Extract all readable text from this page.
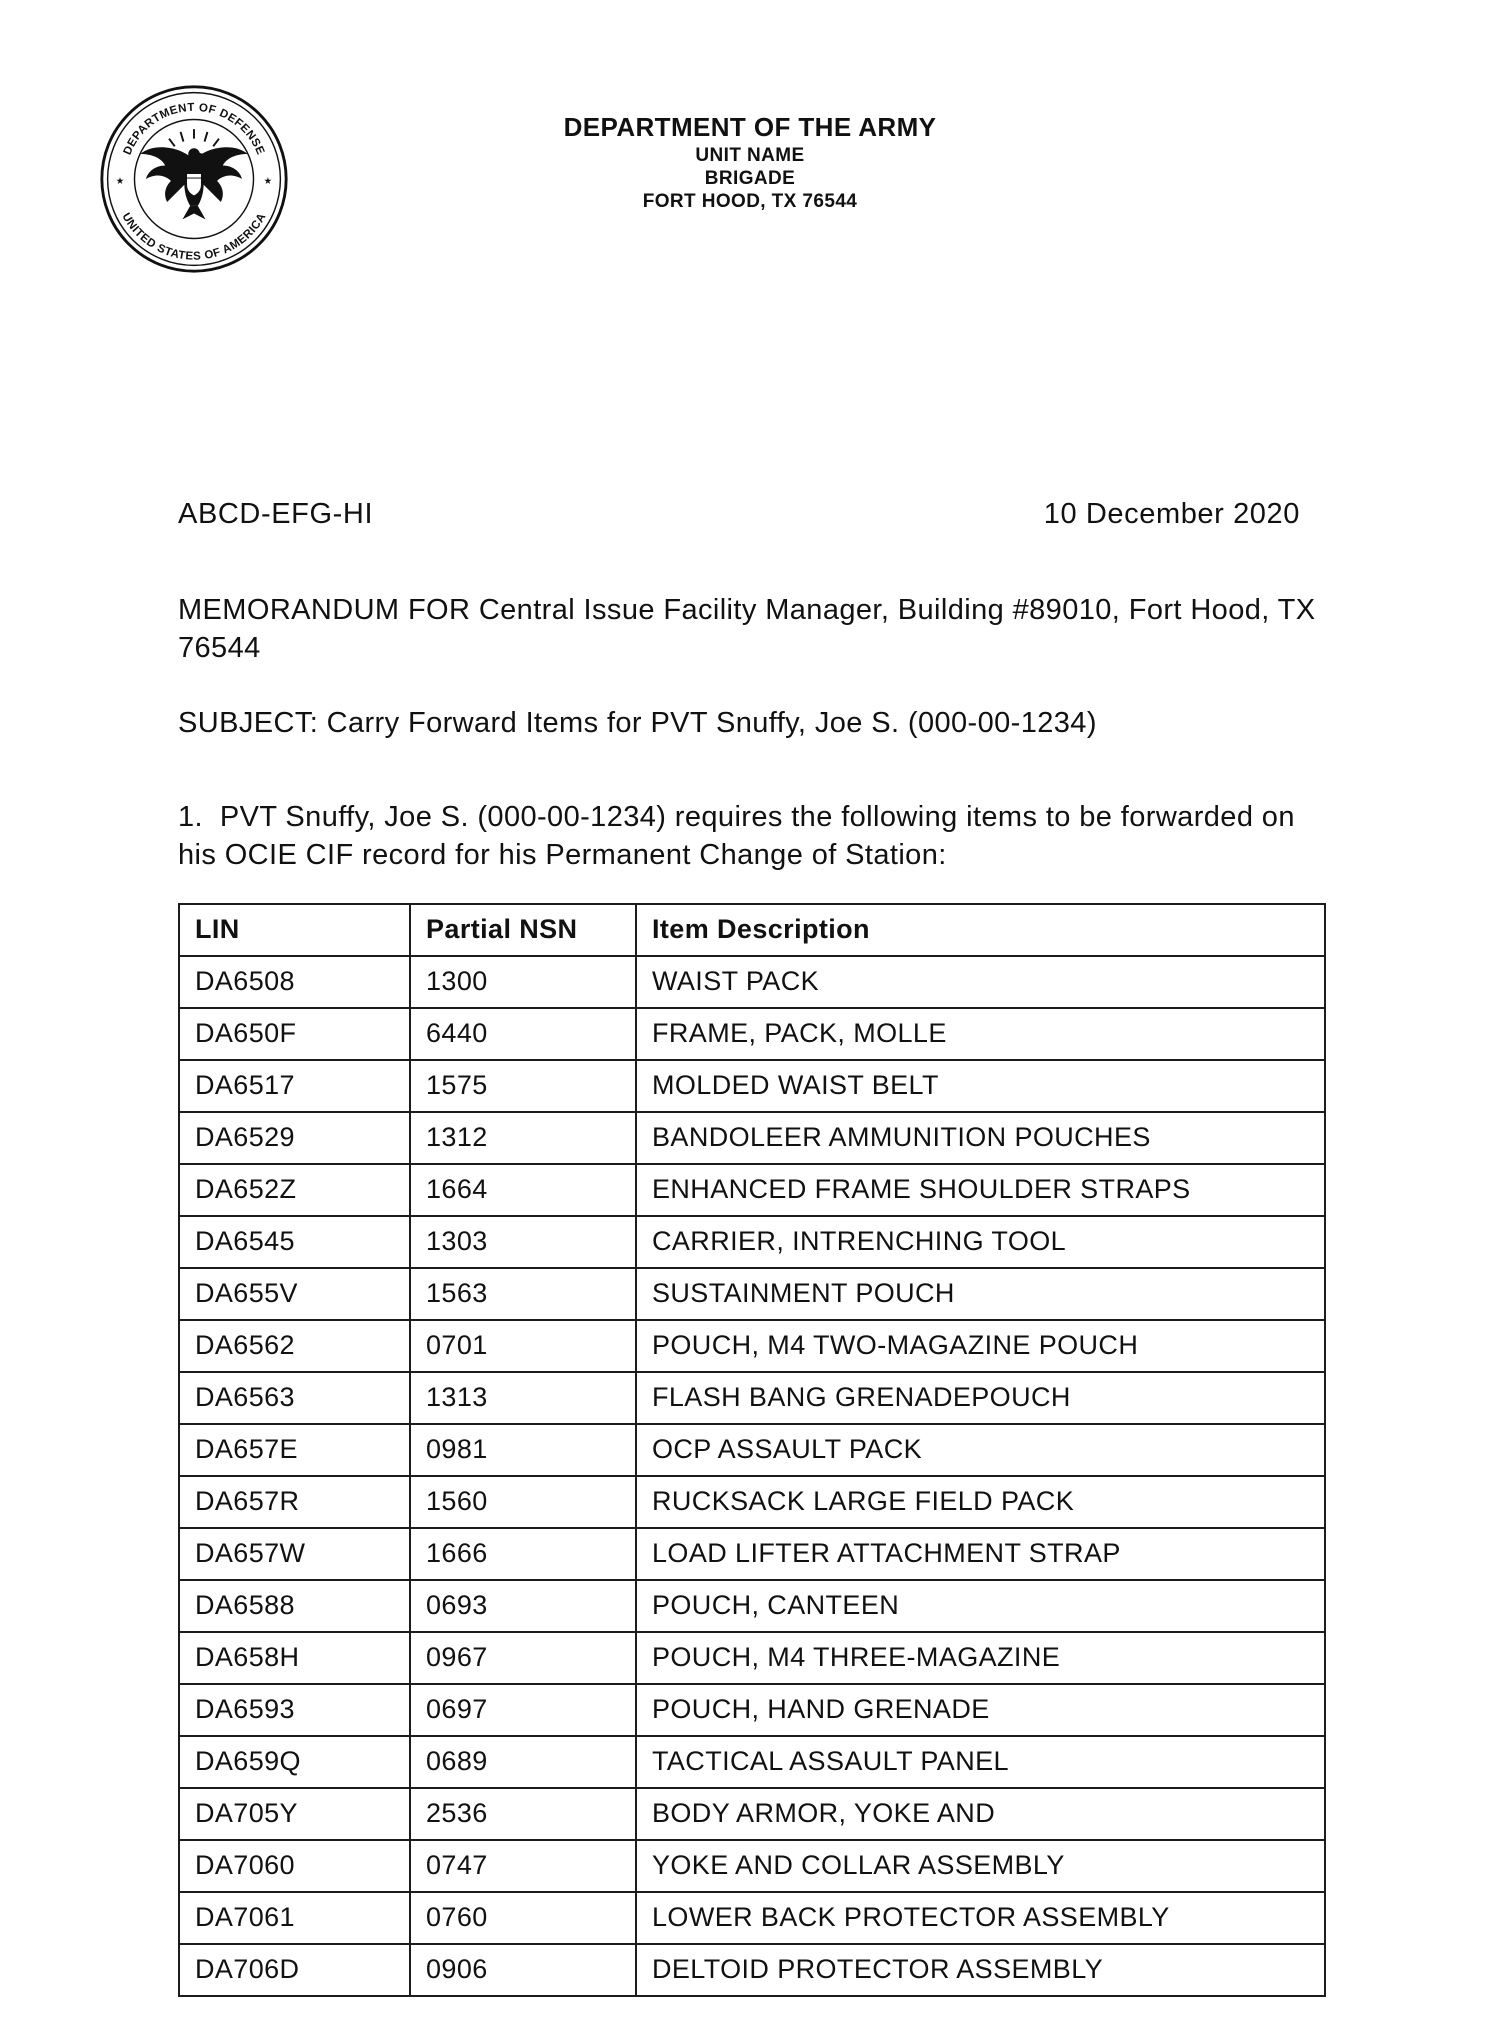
DEPARTMENT OF DEFENSE
UNITED STATES OF AMERICA
★	★
DEPARTMENT OF THE ARMY
UNIT NAME
BRIGADE
FORT HOOD, TX 76544
ABCD-EFG-HI	10 December 2020

MEMORANDUM FOR Central Issue Facility Manager, Building #89010, Fort Hood, TX 76544

SUBJECT: Carry Forward Items for PVT Snuffy, Joe S. (000-00-1234)

1.  PVT Snuffy, Joe S. (000-00-1234) requires the following items to be forwarded on his OCIE CIF record for his Permanent Change of Station:

LIN	Partial NSN	Item Description
DA6508	1300	WAIST PACK
DA650F	6440	FRAME, PACK, MOLLE
DA6517	1575	MOLDED WAIST BELT
DA6529	1312	BANDOLEER AMMUNITION POUCHES
DA652Z	1664	ENHANCED FRAME SHOULDER STRAPS
DA6545	1303	CARRIER, INTRENCHING TOOL
DA655V	1563	SUSTAINMENT POUCH
DA6562	0701	POUCH, M4 TWO-MAGAZINE POUCH
DA6563	1313	FLASH BANG GRENADEPOUCH
DA657E	0981	OCP ASSAULT PACK
DA657R	1560	RUCKSACK LARGE FIELD PACK
DA657W	1666	LOAD LIFTER ATTACHMENT STRAP
DA6588	0693	POUCH, CANTEEN
DA658H	0967	POUCH, M4 THREE-MAGAZINE
DA6593	0697	POUCH, HAND GRENADE
DA659Q	0689	TACTICAL ASSAULT PANEL
DA705Y	2536	BODY ARMOR, YOKE AND
DA7060	0747	YOKE AND COLLAR ASSEMBLY
DA7061	0760	LOWER BACK PROTECTOR ASSEMBLY
DA706D	0906	DELTOID PROTECTOR ASSEMBLY
